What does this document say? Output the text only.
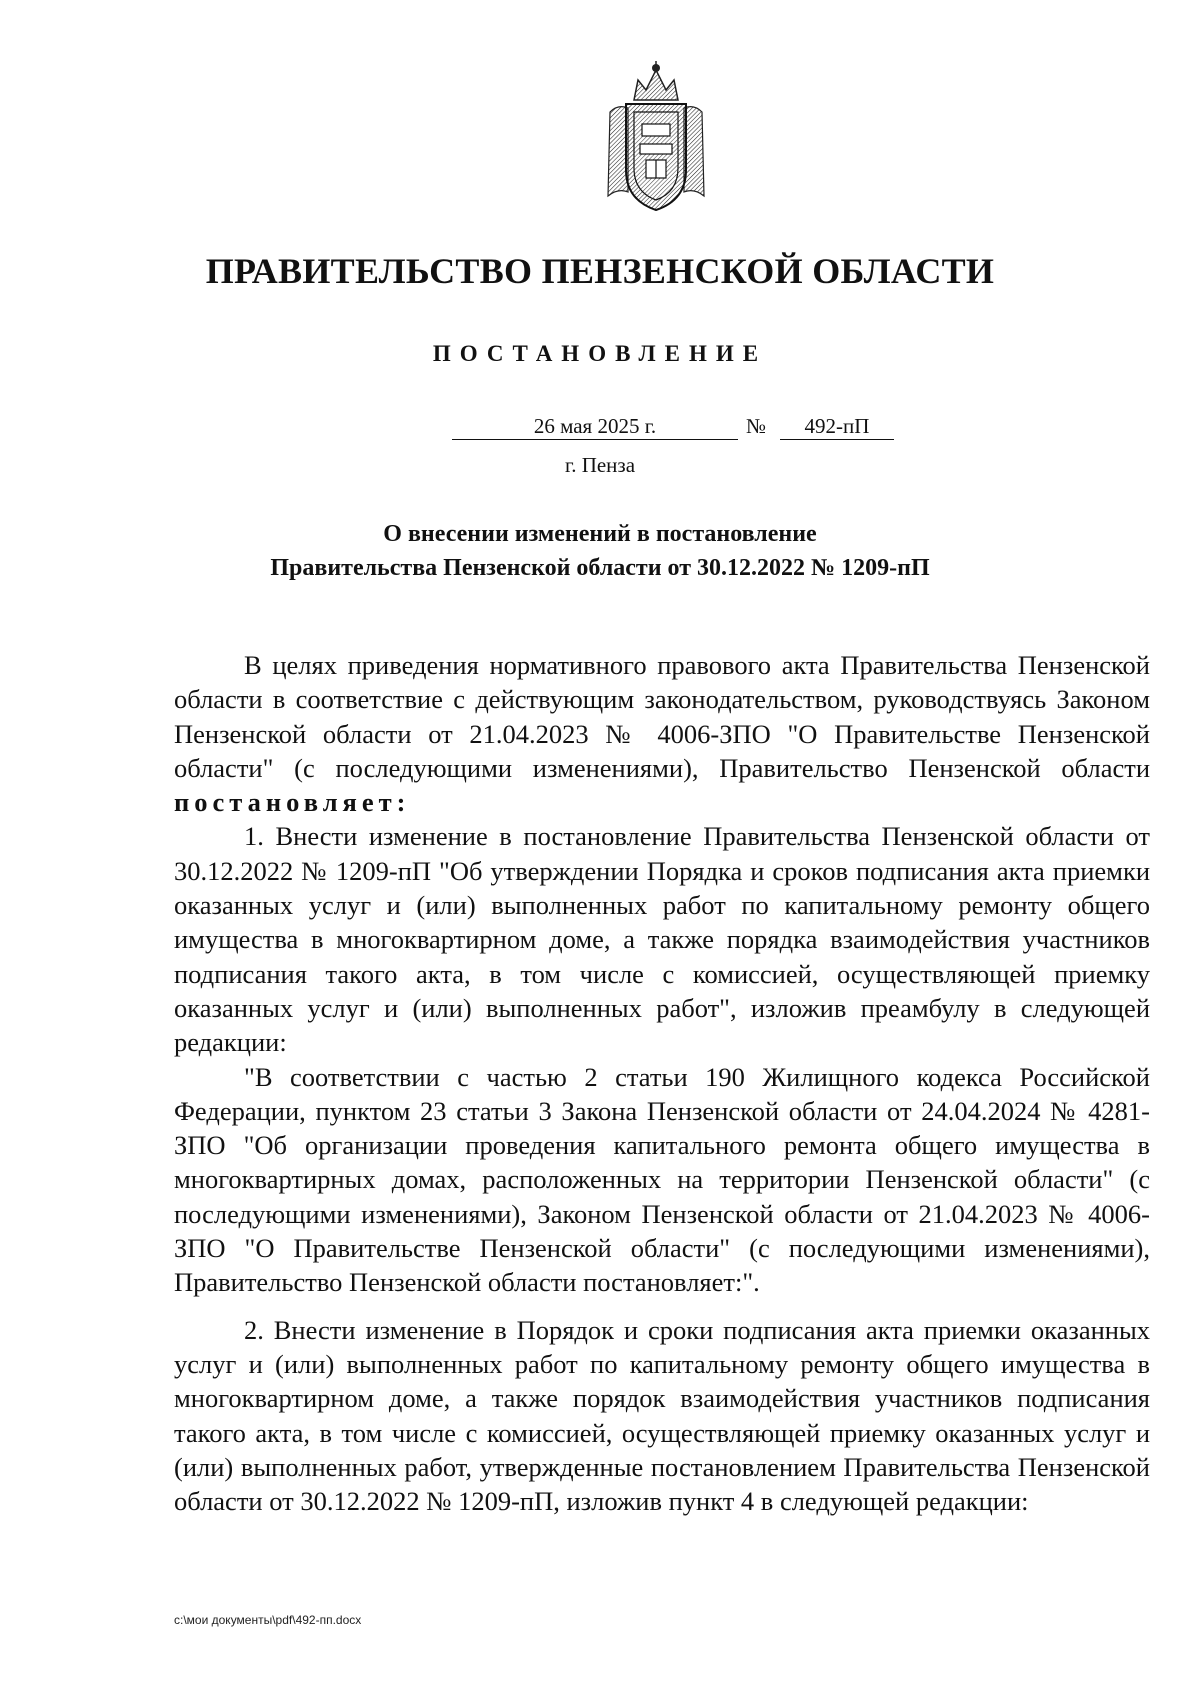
ПРАВИТЕЛЬСТВО ПЕНЗЕНСКОЙ ОБЛАСТИ
ПОСТАНОВЛЕНИЕ
26 мая 2025 г.	№	492-пП
г. Пенза
О внесении изменений в постановление
Правительства Пензенской области от 30.12.2022 № 1209-пП

В целях приведения нормативного правового акта Правительства Пензенской области в соответствие с действующим законодательством, руководствуясь Законом Пензенской области от 21.04.2023 № 4006-ЗПО "О Правительстве Пензенской области" (с последующими изменениями), Правительство Пензенской области постановляет:

1. Внести изменение в постановление Правительства Пензенской области от 30.12.2022 № 1209-пП "Об утверждении Порядка и сроков подписания акта приемки оказанных услуг и (или) выполненных работ по капитальному ремонту общего имущества в многоквартирном доме, а также порядка взаимодействия участников подписания такого акта, в том числе с комиссией, осуществляющей приемку оказанных услуг и (или) выполненных работ", изложив преамбулу в следующей редакции:

"В соответствии с частью 2 статьи 190 Жилищного кодекса Российской Федерации, пунктом 23 статьи 3 Закона Пензенской области от 24.04.2024 № 4281-ЗПО "Об организации проведения капитального ремонта общего имущества в многоквартирных домах, расположенных на территории Пензенской области" (с последующими изменениями), Законом Пензенской области от 21.04.2023 № 4006-ЗПО "О Правительстве Пензенской области" (с последующими изменениями), Правительство Пензенской области постановляет:".

2. Внести изменение в Порядок и сроки подписания акта приемки оказанных услуг и (или) выполненных работ по капитальному ремонту общего имущества в многоквартирном доме, а также порядок взаимодействия участников подписания такого акта, в том числе с комиссией, осуществляющей приемку оказанных услуг и (или) выполненных работ, утвержденные постановлением Правительства Пензенской области от 30.12.2022 № 1209-пП, изложив пункт 4 в следующей редакции:

c:\мои документы\pdf\492-пп.docx
